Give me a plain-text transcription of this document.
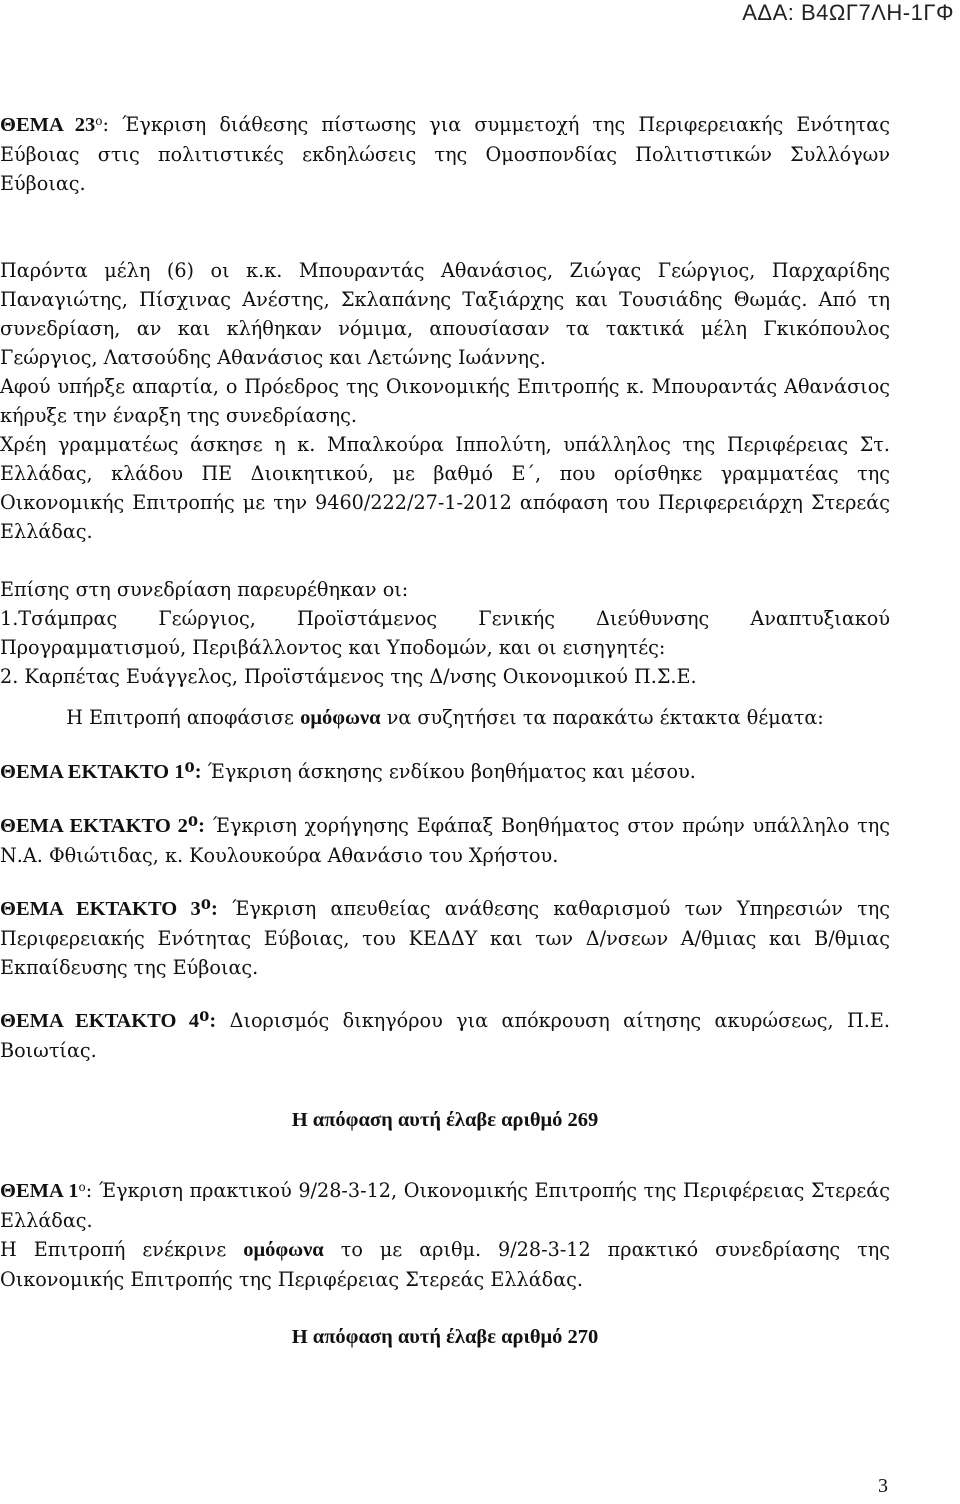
ΑΔΑ: Β4ΩΓ7ΛΗ-1ΓΦ

ΘΕΜΑ $23^o$: Έγκριση διάθεσης πίστωσης για συμμετοχή της Περιφερειακής Ενότητας Εύβοιας στις πολιτιστικές εκδηλώσεις της Ομοσπονδίας Πολιτιστικών Συλλόγων Εύβοιας.

Παρόντα μέλη (6) οι κ.κ. Μπουραντάς Αθανάσιος, Ζιώγας Γεώργιος, Παρχαρίδης Παναγιώτης, Πίσχινας Ανέστης, Σκλαπάνης Ταξιάρχης και Τουσιάδης Θωμάς. Από τη συνεδρίαση, αν και κλήθηκαν νόμιμα, απουσίασαν τα τακτικά μέλη Γκικόπουλος Γεώργιος, Λατσούδης Αθανάσιος και Λετώνης Ιωάννης.

Αφού υπήρξε απαρτία, ο Πρόεδρος της Οικονομικής Επιτροπής κ. Μπουραντάς Αθανάσιος κήρυξε την έναρξη της συνεδρίασης.

Χρέη γραμματέως άσκησε η κ. Μπαλκούρα Ιππολύτη, υπάλληλος της Περιφέρειας Στ. Ελλάδας, κλάδου ΠΕ Διοικητικού, με βαθμό Ε΄, που ορίσθηκε γραμματέας της Οικονομικής Επιτροπής με την 9460/222/27-1-2012 απόφαση του Περιφερειάρχη Στερεάς Ελλάδας.

Επίσης στη συνεδρίαση παρευρέθηκαν οι:

1.Τσάμπρας Γεώργιος, Προϊστάμενος Γενικής Διεύθυνσης Αναπτυξιακού Προγραμματισμού, Περιβάλλοντος και Υποδομών, και οι εισηγητές:

2. Καρπέτας Ευάγγελος, Προϊστάμενος της Δ/νσης Οικονομικού Π.Σ.Ε.

Η Επιτροπή αποφάσισε ομόφωνα να συζητήσει τα παρακάτω έκτακτα θέματα:

ΘΕΜΑ ΕΚΤΑΚΤΟ $1^o$: Έγκριση άσκησης ενδίκου βοηθήματος και μέσου.

ΘΕΜΑ ΕΚΤΑΚΤΟ $2^o$: Έγκριση χορήγησης Εφάπαξ Βοηθήματος στον πρώην υπάλληλο της Ν.Α. Φθιώτιδας, κ. Κουλουκούρα Αθανάσιο του Χρήστου.

ΘΕΜΑ ΕΚΤΑΚΤΟ $3^o$: Έγκριση απευθείας ανάθεσης καθαρισμού των Υπηρεσιών της Περιφερειακής Ενότητας Εύβοιας, του ΚΕΔΔΥ και των Δ/νσεων Α/θμιας και Β/θμιας Εκπαίδευσης της Εύβοιας.

ΘΕΜΑ ΕΚΤΑΚΤΟ $4^o$: Διορισμός δικηγόρου για απόκρουση αίτησης ακυρώσεως, Π.Ε. Βοιωτίας.

Η απόφαση αυτή έλαβε αριθμό 269

ΘΕΜΑ $1^o$: Έγκριση πρακτικού 9/28-3-12, Οικονομικής Επιτροπής της Περιφέρειας Στερεάς Ελλάδας.

Η Επιτροπή ενέκρινε ομόφωνα το με αριθμ. 9/28-3-12 πρακτικό συνεδρίασης της Οικονομικής Επιτροπής της Περιφέρειας Στερεάς Ελλάδας.

Η απόφαση αυτή έλαβε αριθμό 270

3
